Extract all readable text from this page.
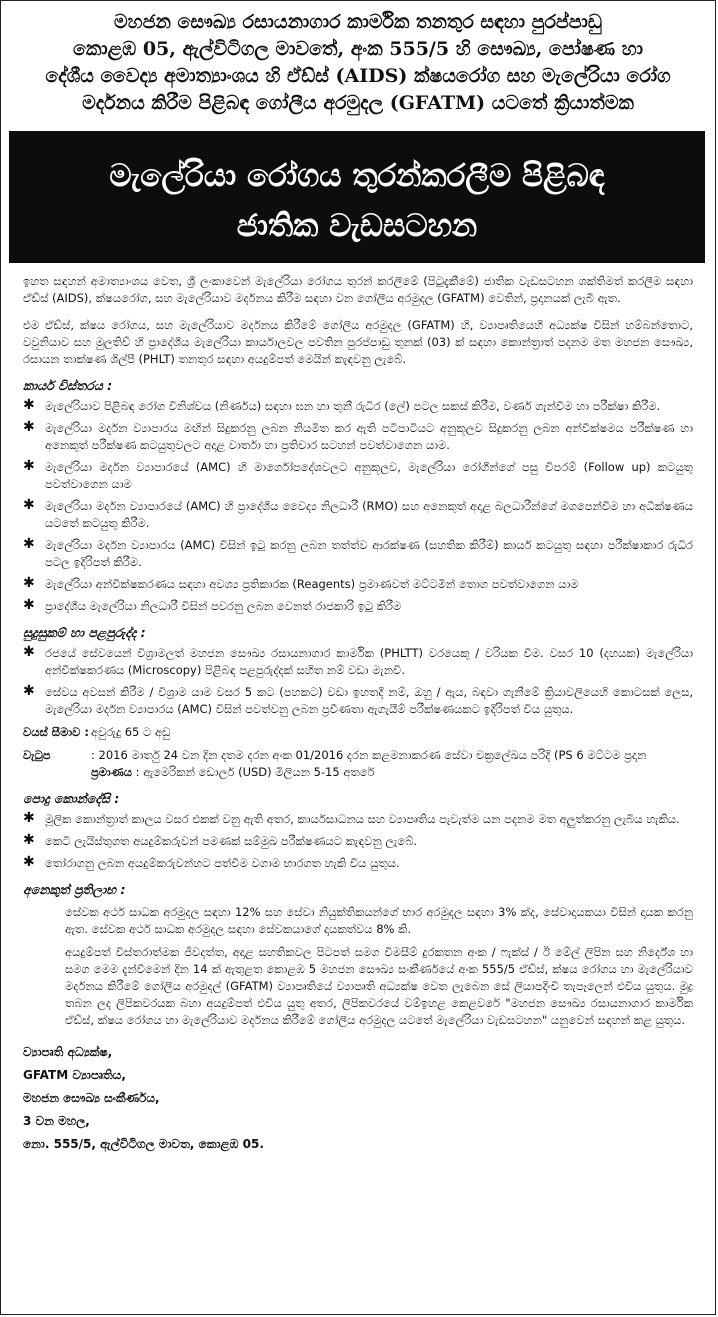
මහජන සෞඛ්‍ය රසායනාගාර කාර්මික තනතුර සඳහා පුරප්පාඩු

කොළඹ 05, ඇල්විටිගල මාවතේ, අංක 555/5 හි සෞඛ්‍ය, පෝෂණ හා

දේශීය වෛද්‍ය අමාත්‍යාංශය හි ඒඩ්ස් (AIDS) ක්ෂයරෝග සහ මැලේරියා රෝග

මර්දනය කිරීම පිළිබඳ ගෝලීය අරමුදල (GFATM) යටතේ ක්‍රියාත්මක

මැලේරියා රෝගය තුරන්කරලීම පිළිබඳ
ජාතික වැඩසටහන

ඉහත සඳහන් අමාත්‍යාංශය වෙත, ශ්‍රී ලංකාවෙන් මැලේරියා රෝගය තුරන් කරලීමේ (පිටුදැකීමේ) ජාතික වැඩසටහන ශක්තිමත් කරලීම සඳහා ඒඩ්ස් (AIDS), ක්ෂයරෝග, සහ මැලේරියාව මර්දනය කිරීම සඳහා වන ගෝලීය අරමුදල (GFATM) වෙතින්, ප්‍රදානයක් ලැබී ඇත.

එම ඒඩ්ස්, ක්ෂය රෝගය, සහ මැලේරියාව මර්දනය කිරීමේ ගෝලීය අරමුදල (GFATM) හි, ව්‍යාපෘතියෙහි අධ්‍යක්ෂ විසින් හම්බන්තොට, වවුනියාව සහ මුලතිව් හි ප්‍රාදේශීය මැලේරියා කාර්යාලවල පවතින පුරප්පාඩු තුනක් (03) ක් සඳහා කොන්ත්‍රාත් පදනම මත මහජන සෞඛ්‍ය, රසායන තාක්ෂණ ශිල්පී (PHLT) තනතුර සඳහා අයදුම්පත් මෙයින් කැඳවනු ලැබේ.

කාර්ය විස්තරය :
✱ මැලේරියාව පිළිබඳ රෝග විනිශ්චය (නිර්ණය) සඳහා ඝන හා තුනී රුධිර (ලේ) පටල සකස් කිරීම, වර්ණ ගැන්වීම හා පරීක්ෂා කිරීම.
✱ මැලේරියා මර්දන ව්‍යාපාරය මඟින් සිදුකරනු ලබන නියමිත කර ඇති පටිපාටියට අනුකූලව සිදුකරනු ලබන අන්වීක්ෂමය පරීක්ෂණ හා අනෙකුත් පරීක්ෂණ කටයුතුවලට අදාළ වාර්තා හා ප්‍රතිචාර සටහන් පවත්වාගෙන යාම.
✱ මැලේරියා මර්දන ව්‍යාපාරයේ (AMC) හි මාර්ගෝපදේශවලට අනුකූලව, මැලේරියා රෝගීන්ගේ පසු විපරම් (Follow up) කටයුතු පවත්වාගෙන යාම
✱ මැලේරියා මර්දන ව්‍යාපාරයේ (AMC) හි ප්‍රාදේශීය වෛද්‍ය නිලධාරී (RMO) සහ අනෙකුත් අදාළ බලධාරීන්ගේ මගපෙන්වීම හා අධීක්ෂණය යටතේ කටයුතු කිරීම.
✱ මැලේරියා මර්දන ව්‍යාපාරය (AMC) විසින් ඉටු කරනු ලබන තත්ත්ව ආරක්ෂණ (සහතික කිරීම්) කාර්ය කටයුතු සඳහා පරීක්ෂාකාර රුධිර පටල ඉදිරිපත් කිරීම.
✱ මැලේරියා අන්වීක්ෂකරණය සඳහා අවශ්‍ය ප්‍රතිකාරක (Reagents) ප්‍රමාණවත් මට්ටමින් තොග පවත්වාගෙන යාම
✱ ප්‍රාදේශීය මැලේරියා නිලධාරී විසින් පවරනු ලබන වෙනත් රාජකාරි ඉටු කිරීම
සුදුසුකම් හා පළපුරුද්ද :
✱ රජයේ සේවයෙන් විශ්‍රාමලත් මහජන සෞඛ්‍ය රසායනාගාර කාර්මික (PHLTT) වරයෙකු / වරියක වීම. වසර 10 (දහයක) මැලේරියා අන්වීක්ෂකරණය (Microscopy) පිළිබඳ පළපුරුද්දක් සහිත නම් වඩා මැනවි.
✱ සේවය අවසන් කිරීම / විශ්‍රාම යාම වසර 5 කට (පහකට) වඩා ඉහතදී නම්, ඔහු / ඇය, බඳවා ගැනීමේ ක්‍රියාවලියෙහි කොටසක් ලෙස, මැලේරියා මර්දන ව්‍යාපාරය (AMC) විසින් පවත්වනු ලබන ප්‍රවීණතා ඇගැයීම් පරීක්ෂණයකට ඉදිරිපත් විය යුතුය.
වයස් සීමාව : අවුරුදු 65 ට අඩු
වැටුප	: 2016 මාර්තු 24 වන දින දතම දරන අංක 01/2016 දරන කළමනාකරණ සේවා චක්‍රලේඛය පරිදි (PS 6 මට්ටම ප්‍රදාන
ප්‍රමාණය : ඇමෙරිකන් ඩොලර් (USD) මිලියන 5-15 අතරේ
පොදු කොන්දේසි :
✱ මූලික කොන්ත්‍රාත් කාලය වසර එකක් වනු ඇති අතර, කාර්යසාධනය සහ ව්‍යාපෘතිය පැවැත්ම යන පදනම මත අලුත්කරනු ලැබිය හැකිය.
✱ කෙටි ලැයිස්තුගත අයදුම්කරුවන් පමණක් සම්මුඛ පරීක්ෂණයට කැඳවනු ලැබේ.
✱ තෝරාගනු ලබන අයදුම්කරුවන්හට පත්වීම වගාම භාරගත හැකි විය යුතුය.
අනෙකුත් ප්‍රතිලාභ :

සේවක අර්ථ සාධක අරමුදල සඳහා 12% සහ සේවා නියුක්තිකයන්ගේ භාර අරමුදල සඳහා 3% ක්ද, සේවාදායකයා විසින් දායක කරනු ඇත. සේවක අර්ථ සාධක අරමුදල සඳහා සේවකයාගේ දායකත්වය 8% කි.

අයදුම්පත් විස්තරාත්මක ජීවදත්ත, අදාළ සහතිකවල පිටපත් සමග විමසීම් දුරකතන අංක / ෆැක්ස් / ඊ මේල් ලිපින සහ නිර්දේශ හා සමග මෙම දැන්වීමෙන් දින 14 ක් ඇතුළත කොළඹ 5 මහජන සෞඛ්‍ය සංකීර්ණයේ අංක 555/5 ඒඩ්ස්, ක්ෂය රෝගය හා මැලේරියාව මර්දනය කිරීමේ ගෝලීය අරමුදල් (GFATM) ව්‍යාපෘතියේ ව්‍යාපෘති අධ්‍යක්ෂ වෙත ලැබෙන සේ ලියාපදිංචි තැපෑලෙන් එවිය යුතුය. මුද්‍ර තබන ලද ලිපිකවරයක බහා අයදුම්පත් එවිය යුතු අතර, ලිපිකවරයේ වම්ඉහළ කෙළවරේ "මහජන සෞඛ්‍ය රසායනාගාර කාර්මික ඒඩ්ස්, ක්ෂය රෝගය හා මැලේරියාව මර්දනය කිරීමේ ගෝලීය අරමුදල යටතේ මැලේරියා වැඩසටහන" යනුවෙන් සඳහන් කළ යුතුය.

ව්‍යාපෘති අධ්‍යක්ෂ,
GFATM ව්‍යාපෘතිය,
මහජන සෞඛ්‍ය සංකීර්ණය,
3 වන මහල,
නො. 555/5, ඇල්විටිගල මාවත, කොළඹ 05.
